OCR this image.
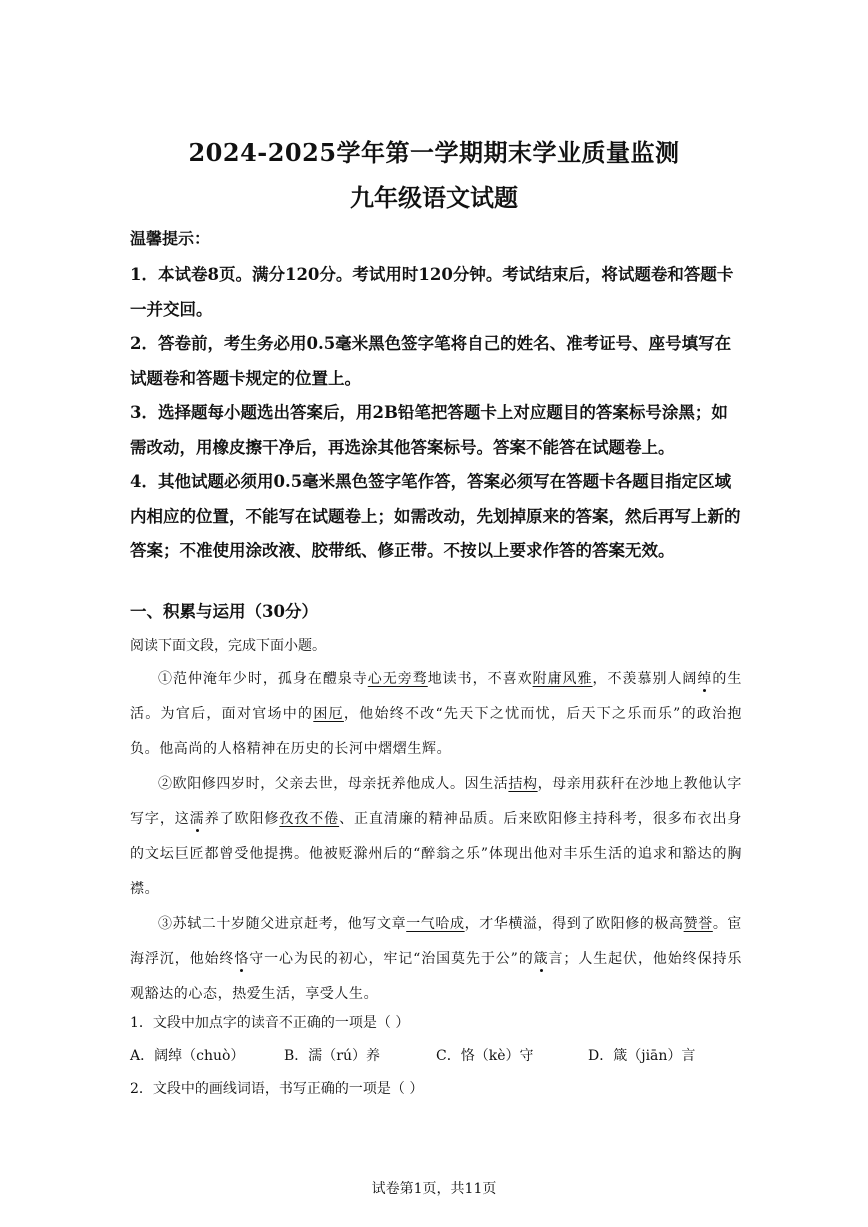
2024-2025学年第一学期期末学业质量监测
九年级语文试题
温馨提示：

1．本试卷8页。满分120分。考试用时120分钟。考试结束后，将试题卷和答题卡一并交回。

2．答卷前，考生务必用0.5毫米黑色签字笔将自己的姓名、准考证号、座号填写在试题卷和答题卡规定的位置上。

3．选择题每小题选出答案后，用2B铅笔把答题卡上对应题目的答案标号涂黑；如需改动，用橡皮擦干净后，再选涂其他答案标号。答案不能答在试题卷上。

4．其他试题必须用0.5毫米黑色签字笔作答，答案必须写在答题卡各题目指定区域内相应的位置，不能写在试题卷上；如需改动，先划掉原来的答案，然后再写上新的答案；不准使用涂改液、胶带纸、修正带。不按以上要求作答的答案无效。

一、积累与运用（30分）
阅读下面文段，完成下面小题。

①范仲淹年少时，孤身在醴泉寺心无旁骛地读书，不喜欢附庸风雅，不羡慕别人阔绰的生活。为官后，面对官场中的困厄，他始终不改“先天下之忧而忧，后天下之乐而乐”的政治抱负。他高尚的人格精神在历史的长河中熠熠生辉。

②欧阳修四岁时，父亲去世，母亲抚养他成人。因生活拮构，母亲用荻秆在沙地上教他认字写字，这濡养了欧阳修孜孜不倦、正直清廉的精神品质。后来欧阳修主持科考，很多布衣出身的文坛巨匠都曾受他提携。他被贬滁州后的“醉翁之乐”体现出他对丰乐生活的追求和豁达的胸襟。

③苏轼二十岁随父进京赶考，他写文章一气哈成，才华横溢，得到了欧阳修的极高赞誉。宦海浮沉，他始终恪守一心为民的初心，牢记“治国莫先于公”的箴言；人生起伏，他始终保持乐观豁达的心态，热爱生活，享受人生。

1．文段中加点字的读音不正确的一项是（ ）
A．阔绰（chuò）	B．濡（rú）养	C．恪（kè）守	D．箴（jiān）言
2．文段中的画线词语，书写正确的一项是（ ）
试卷第1页，共11页
